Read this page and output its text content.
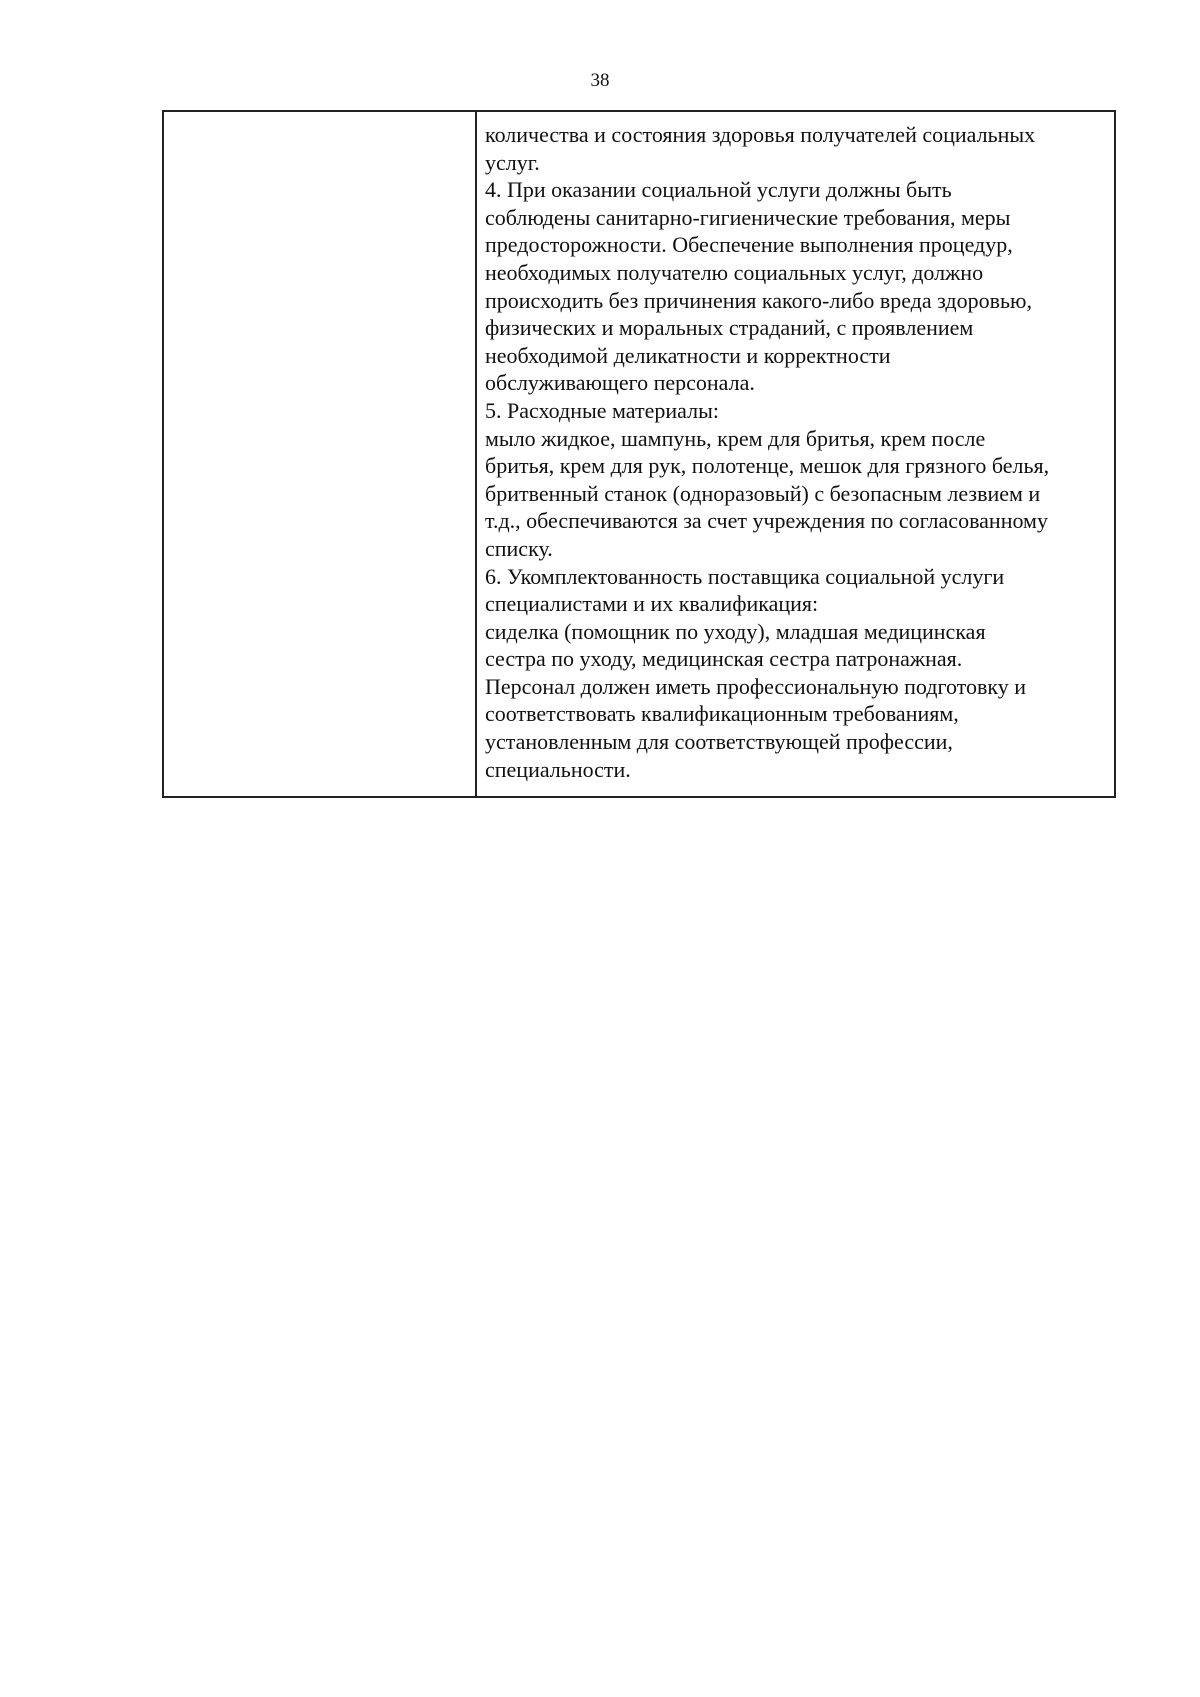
38
количества и состояния здоровья получателей социальных
услуг.
4. При оказании социальной услуги должны быть
соблюдены санитарно-гигиенические требования, меры
предосторожности. Обеспечение выполнения процедур,
необходимых получателю социальных услуг, должно
происходить без причинения какого-либо вреда здоровью,
физических и моральных страданий, с проявлением
необходимой деликатности и корректности
обслуживающего персонала.
5. Расходные материалы:
мыло жидкое, шампунь, крем для бритья, крем после
бритья, крем для рук, полотенце, мешок для грязного белья,
бритвенный станок (одноразовый) с безопасным лезвием и
т.д., обеспечиваются за счет учреждения по согласованному
списку.
6. Укомплектованность поставщика социальной услуги
специалистами и их квалификация:
сиделка (помощник по уходу), младшая медицинская
сестра по уходу, медицинская сестра патронажная.
Персонал должен иметь профессиональную подготовку и
соответствовать квалификационным требованиям,
установленным для соответствующей профессии,
специальности.
